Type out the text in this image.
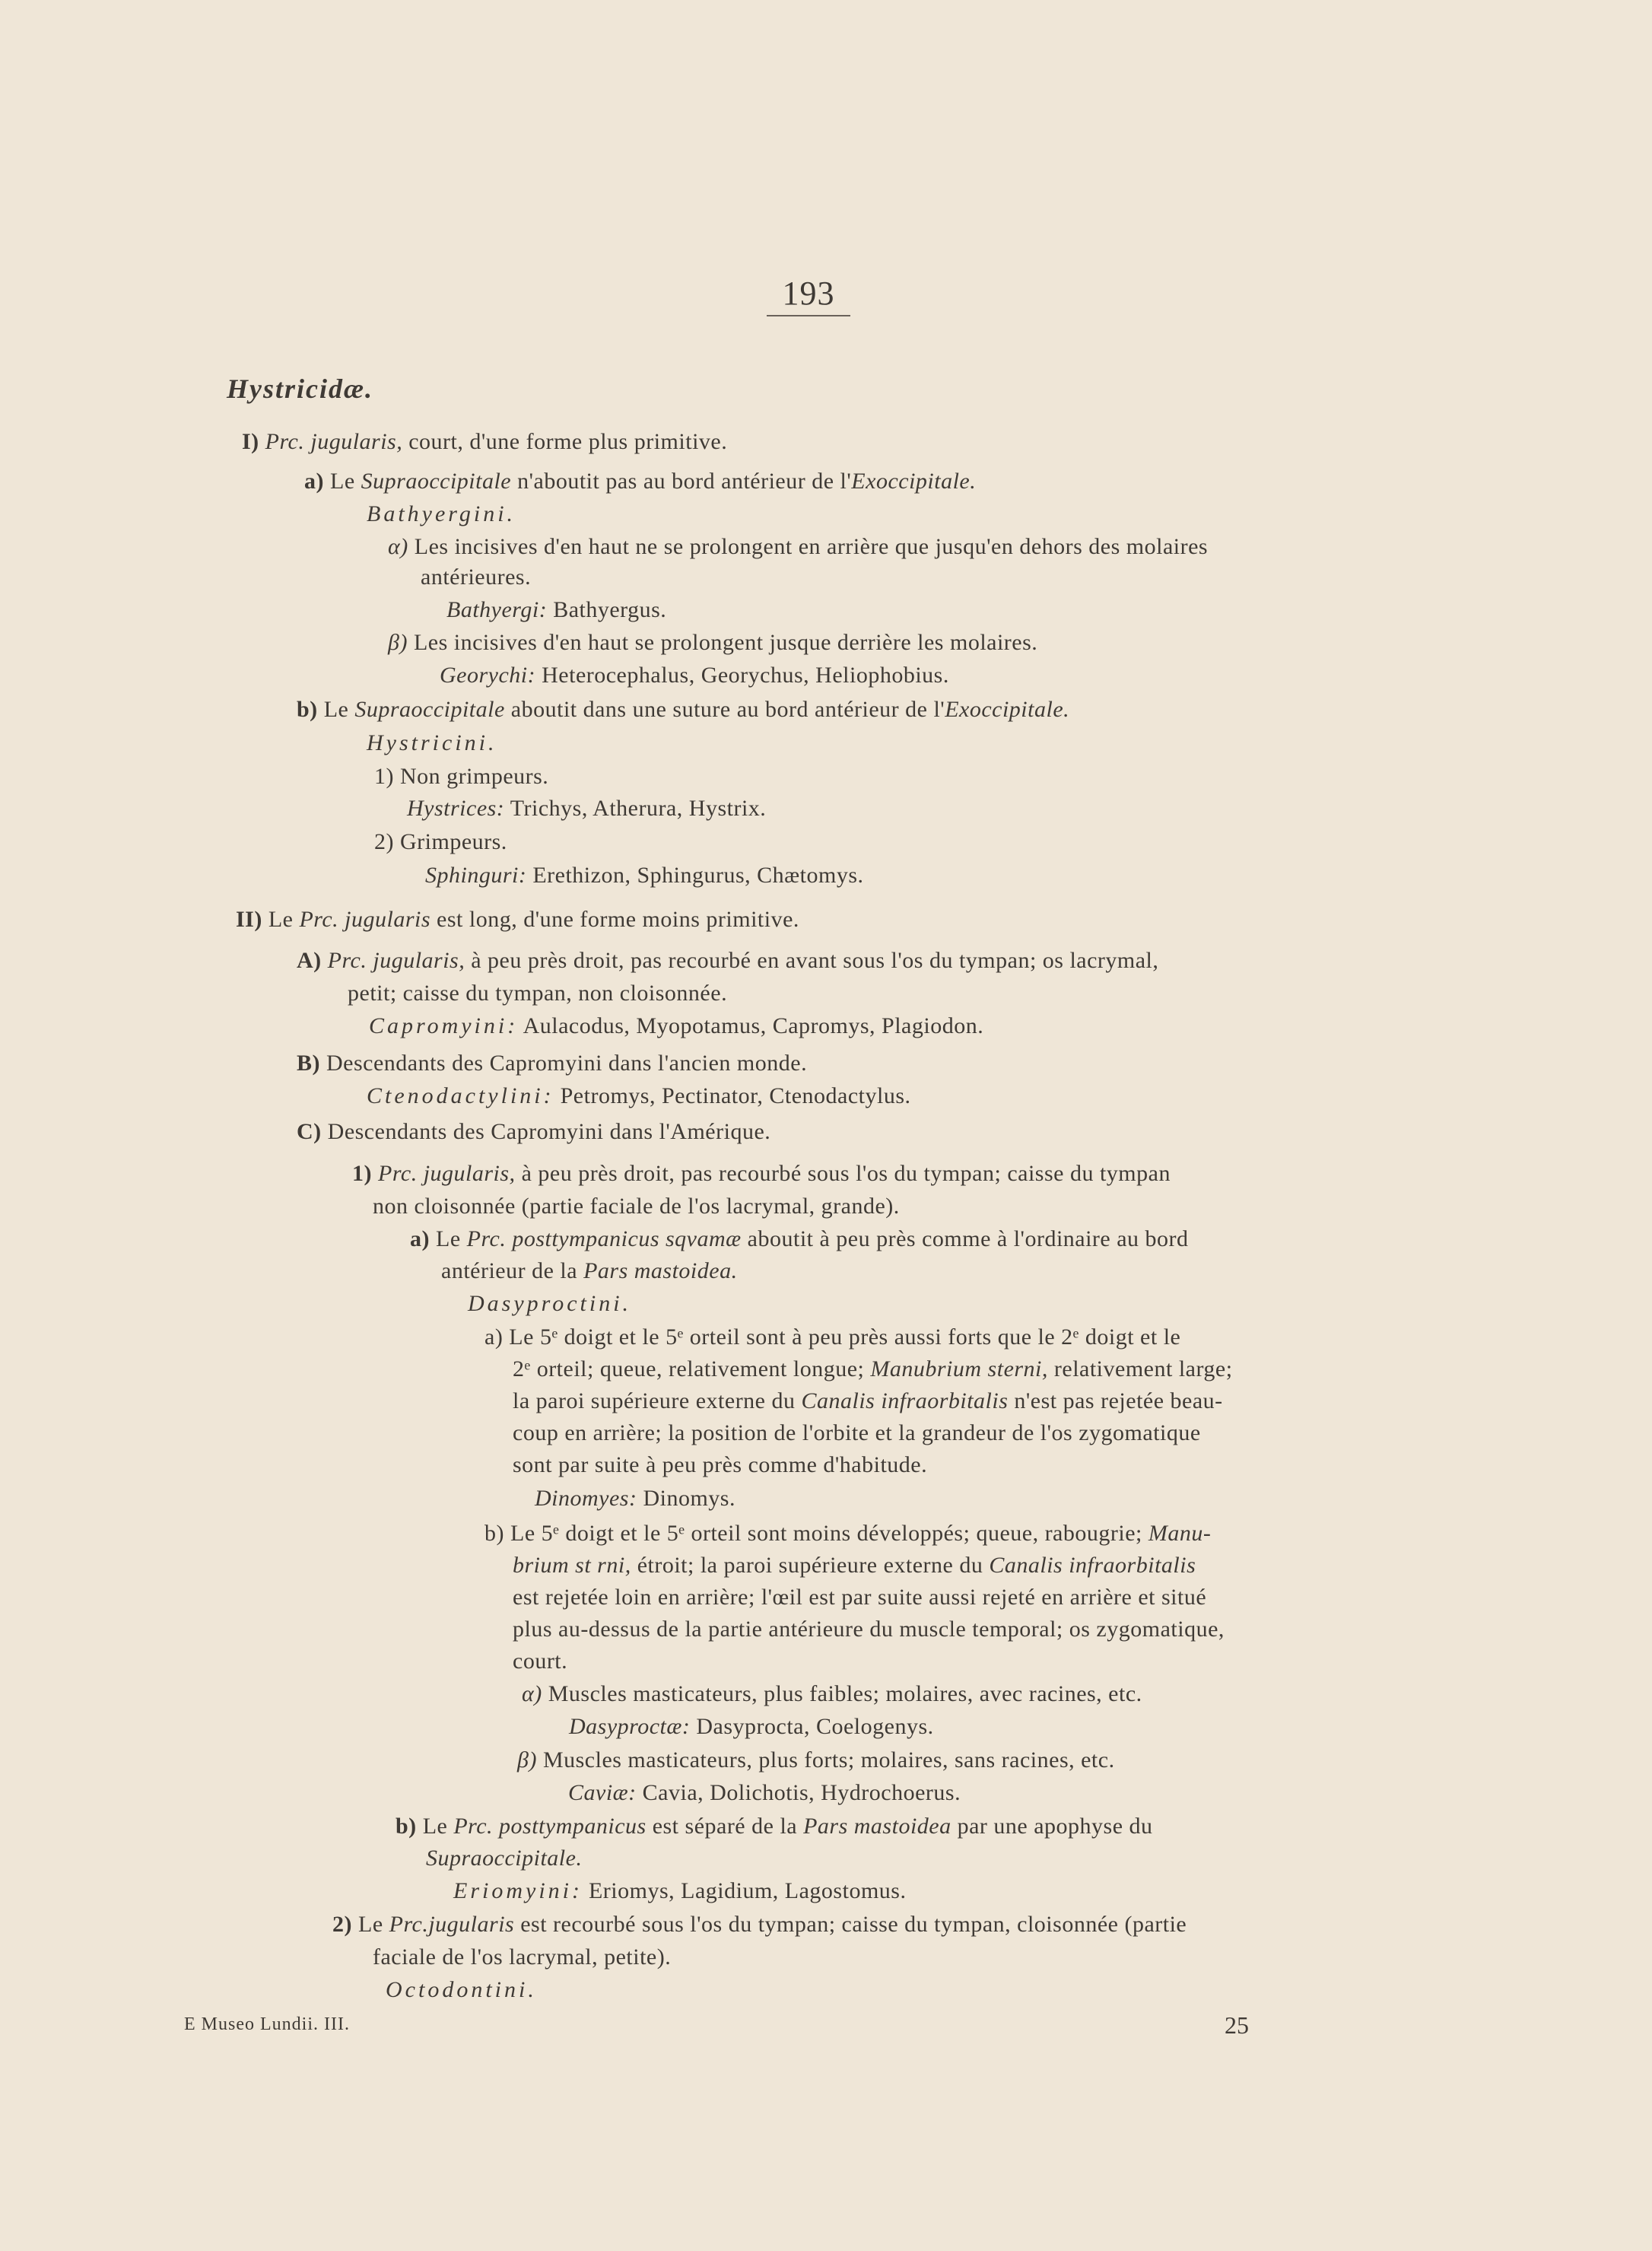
193
Hystricidæ.
I) Prc. jugularis, court, d'une forme plus primitive.
a) Le Supraoccipitale n'aboutit pas au bord antérieur de l'Exoccipitale.
Bathyergini.
α) Les incisives d'en haut ne se prolongent en arrière que jusqu'en dehors des molaires
antérieures.
Bathyergi: Bathyergus.
β) Les incisives d'en haut se prolongent jusque derrière les molaires.
Georychi: Heterocephalus, Georychus, Heliophobius.
b) Le Supraoccipitale aboutit dans une suture au bord antérieur de l'Exoccipitale.
Hystricini.
1) Non grimpeurs.
Hystrices: Trichys, Atherura, Hystrix.
2) Grimpeurs.
Sphinguri: Erethizon, Sphingurus, Chætomys.
II) Le Prc. jugularis est long, d'une forme moins primitive.
A) Prc. jugularis, à peu près droit, pas recourbé en avant sous l'os du tympan; os lacrymal,
petit; caisse du tympan, non cloisonnée.
Capromyini: Aulacodus, Myopotamus, Capromys, Plagiodon.
B) Descendants des Capromyini dans l'ancien monde.
Ctenodactylini: Petromys, Pectinator, Ctenodactylus.
C) Descendants des Capromyini dans l'Amérique.
1) Prc. jugularis, à peu près droit, pas recourbé sous l'os du tympan; caisse du tympan
non cloisonnée (partie faciale de l'os lacrymal, grande).
a) Le Prc. posttympanicus sqvamæ aboutit à peu près comme à l'ordinaire au bord
antérieur de la Pars mastoidea.
Dasyproctini.
a) Le 5ᵉ doigt et le 5ᵉ orteil sont à peu près aussi forts que le 2ᵉ doigt et le
2ᵉ orteil; queue, relativement longue; Manubrium sterni, relativement large;
la paroi supérieure externe du Canalis infraorbitalis n'est pas rejetée beau-
coup en arrière; la position de l'orbite et la grandeur de l'os zygomatique
sont par suite à peu près comme d'habitude.
Dinomyes: Dinomys.
b) Le 5ᵉ doigt et le 5ᵉ orteil sont moins développés; queue, rabougrie; Manu-
brium st rni, étroit; la paroi supérieure externe du Canalis infraorbitalis
est rejetée loin en arrière; l'œil est par suite aussi rejeté en arrière et situé
plus au-dessus de la partie antérieure du muscle temporal; os zygomatique,
court.
α) Muscles masticateurs, plus faibles; molaires, avec racines, etc.
Dasyproctæ: Dasyprocta, Coelogenys.
β) Muscles masticateurs, plus forts; molaires, sans racines, etc.
Caviæ: Cavia, Dolichotis, Hydrochoerus.
b) Le Prc. posttympanicus est séparé de la Pars mastoidea par une apophyse du
Supraoccipitale.
Eriomyini: Eriomys, Lagidium, Lagostomus.
2) Le Prc.jugularis est recourbé sous l'os du tympan; caisse du tympan, cloisonnée (partie
faciale de l'os lacrymal, petite).
Octodontini.
E Museo Lundii. III.	25
